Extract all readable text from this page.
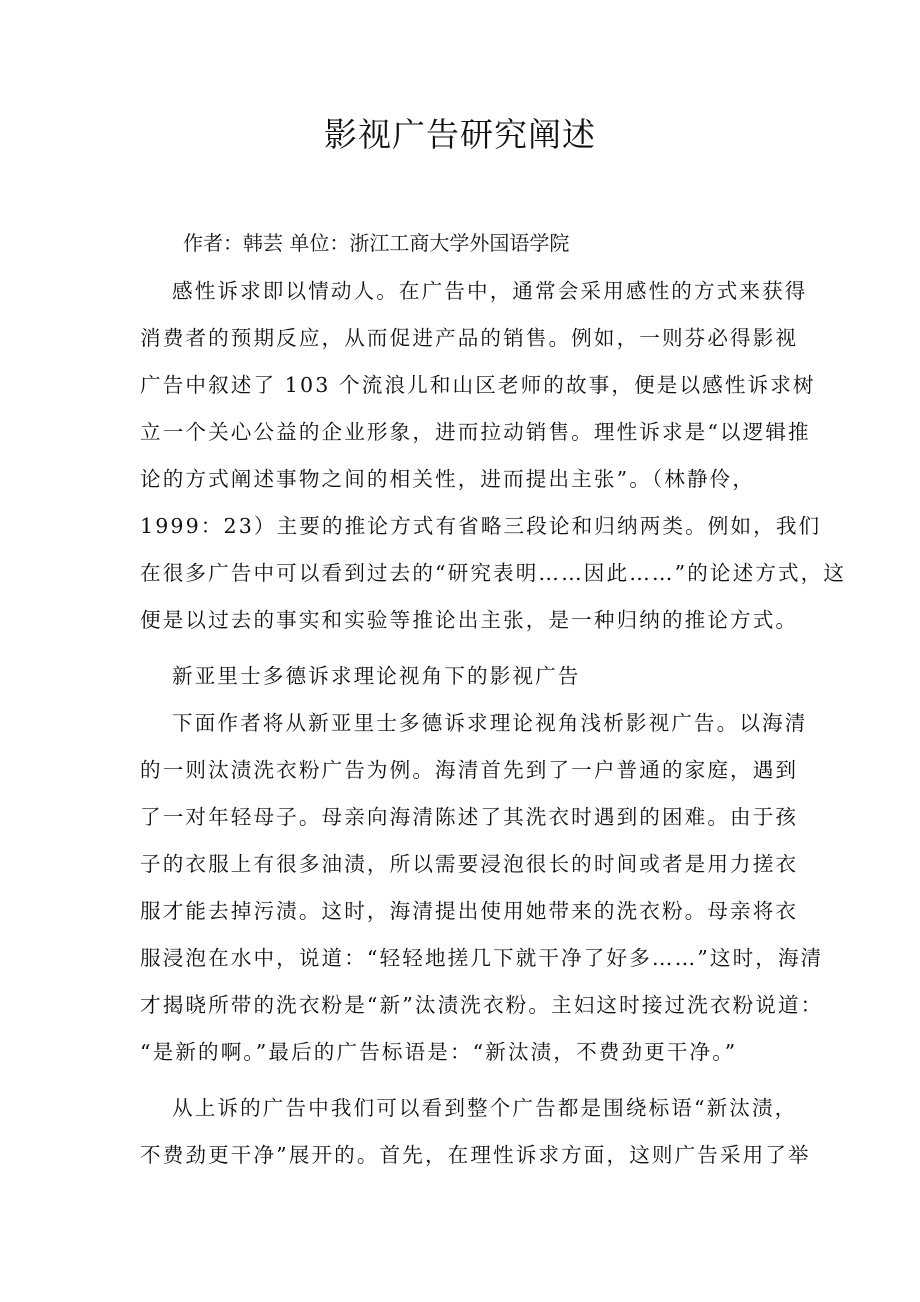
影视广告研究阐述
作者：韩芸 单位：浙江工商大学外国语学院
感性诉求即以情动人。在广告中，通常会采用感性的方式来获得
消费者的预期反应，从而促进产品的销售。例如，一则芬必得影视
广告中叙述了 103 个流浪儿和山区老师的故事，便是以感性诉求树
立一个关心公益的企业形象，进而拉动销售。理性诉求是“以逻辑推
论的方式阐述事物之间的相关性，进而提出主张”。（林静伶，
1999：23）主要的推论方式有省略三段论和归纳两类。例如，我们
在很多广告中可以看到过去的“研究表明……因此……”的论述方式，这
便是以过去的事实和实验等推论出主张，是一种归纳的推论方式。
新亚里士多德诉求理论视角下的影视广告
下面作者将从新亚里士多德诉求理论视角浅析影视广告。以海清
的一则汰渍洗衣粉广告为例。海清首先到了一户普通的家庭，遇到
了一对年轻母子。母亲向海清陈述了其洗衣时遇到的困难。由于孩
子的衣服上有很多油渍，所以需要浸泡很长的时间或者是用力搓衣
服才能去掉污渍。这时，海清提出使用她带来的洗衣粉。母亲将衣
服浸泡在水中，说道：“轻轻地搓几下就干净了好多……”这时，海清
才揭晓所带的洗衣粉是“新”汰渍洗衣粉。主妇这时接过洗衣粉说道：
“是新的啊。”最后的广告标语是：“新汰渍，不费劲更干净。”
从上诉的广告中我们可以看到整个广告都是围绕标语“新汰渍，
不费劲更干净”展开的。首先，在理性诉求方面，这则广告采用了举
